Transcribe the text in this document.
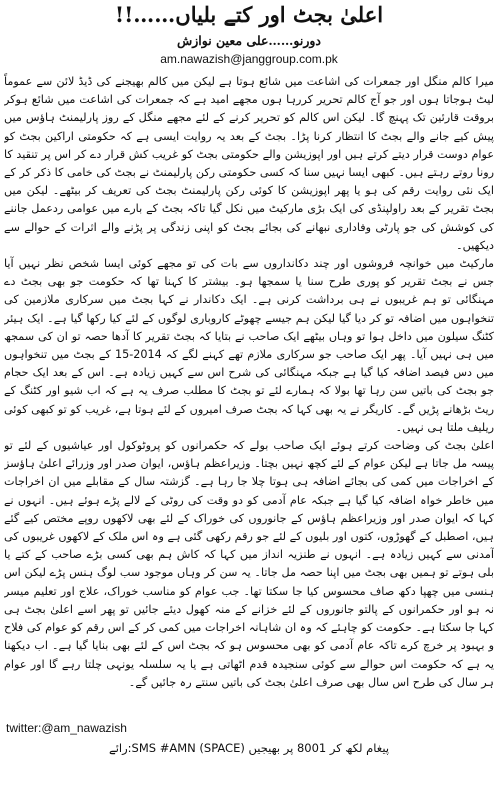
اعلیٰ بجٹ اور کتے بلیاں……!!
دورنو……علی معین نوازش
am.nawazish@janggroup.com.pk

میرا کالم منگل اور جمعرات کی اشاعت میں شائع ہوتا ہے لیکن میں کالم بھیجنے کی ڈیڈ لائن سے عموماً لیٹ ہوجاتا ہوں اور جو آج کالم تحریر کررہا ہوں مجھے امید ہے کہ جمعرات کی اشاعت میں شائع ہوکر بروقت قارئین تک پہنچ گا۔ لیکن اس کالم کو تحریر کرنے کے لئے مجھے منگل کے روز پارلیمنٹ ہاؤس میں پیش کیے جانے والے بجٹ کا انتظار کرنا پڑا۔ بجٹ کے بعد یہ روایت ایسی ہے کہ حکومتی اراکین بجٹ کو عوام دوست قرار دیتے کرتے ہیں اور اپوزیشن والے حکومتی بجٹ کو غریب کش قرار دے کر اس پر تنقید کا رونا روتے رہتے ہیں۔ کبھی ایسا نہیں سنا کہ کسی حکومتی رکن پارلیمنٹ نے بجٹ کی خامی کا ذکر کر کے ایک نئی روایت رقم کی ہو یا پھر اپوزیشن کا کوئی رکن پارلیمنٹ بجٹ کی تعریف کر بیٹھے۔ لیکن میں بجٹ تقریر کے بعد راولپنڈی کی ایک بڑی مارکیٹ میں نکل گیا تاکہ بجٹ کے بارے میں عوامی ردعمل جاننے کی کوشش کی جو پارٹی وفاداری نبھانے کی بجائے بجٹ کو اپنی زندگی پر پڑنے والے اثرات کے حوالے سے دیکھیں۔

مارکیٹ میں خوانچہ فروشوں اور چند دکانداروں سے بات کی تو مجھے کوئی ایسا شخص نظر نہیں آیا جس نے بجٹ تقریر کو پوری طرح سنا یا سمجھا ہو۔ بیشتر کا کہنا تھا کہ حکومت جو بھی بجٹ دے مہنگائی تو ہم غریبوں نے ہی برداشت کرنی ہے۔ ایک دکاندار نے کہا بجٹ میں سرکاری ملازمین کی تنخواہوں میں اضافہ تو کر دیا گیا لیکن ہم جیسے چھوٹے کاروباری لوگوں کے لئے کیا رکھا گیا ہے۔ ایک ہیئر کٹنگ سیلون میں داخل ہوا تو وہاں بیٹھے ایک صاحب نے بتایا کہ بجٹ تقریر کا آدھا حصہ تو ان کی سمجھ میں ہی نہیں آیا۔ پھر ایک صاحب جو سرکاری ملازم تھے کہنے لگے کہ 2014-15 کے بجٹ میں تنخواہوں میں دس فیصد اضافہ کیا گیا ہے جبکہ مہنگائی کی شرح اس سے کہیں زیادہ ہے۔ اس کے بعد ایک حجام جو بجٹ کی باتیں سن رہا تھا بولا کہ ہمارے لئے تو بجٹ کا مطلب صرف یہ ہے کہ اب شیو اور کٹنگ کے ریٹ بڑھانے پڑیں گے۔ کاریگر نے یہ بھی کہا کہ بجٹ صرف امیروں کے لئے ہوتا ہے، غریب کو تو کبھی کوئی ریلیف ملتا ہی نہیں۔

اعلیٰ بجٹ کی وضاحت کرتے ہوئے ایک صاحب بولے کہ حکمرانوں کو پروٹوکول اور عیاشیوں کے لئے تو پیسہ مل جاتا ہے لیکن عوام کے لئے کچھ نہیں بچتا۔ وزیراعظم ہاؤس، ایوان صدر اور وزرائے اعلیٰ ہاؤسز کے اخراجات میں کمی کی بجائے اضافہ ہی ہوتا چلا جا رہا ہے۔ گزشتہ سال کے مقابلے میں ان اخراجات میں خاطر خواہ اضافہ کیا گیا ہے جبکہ عام آدمی کو دو وقت کی روٹی کے لالے پڑے ہوئے ہیں۔ انہوں نے کہا کہ ایوان صدر اور وزیراعظم ہاؤس کے جانوروں کی خوراک کے لئے بھی لاکھوں روپے مختص کیے گئے ہیں، اصطبل کے گھوڑوں، کتوں اور بلیوں کے لئے جو رقم رکھی گئی ہے وہ اس ملک کے لاکھوں غریبوں کی آمدنی سے کہیں زیادہ ہے۔ انہوں نے طنزیہ انداز میں کہا کہ کاش ہم بھی کسی بڑے صاحب کے کتے یا بلی ہوتے تو ہمیں بھی بجٹ میں اپنا حصہ مل جاتا۔ یہ سن کر وہاں موجود سب لوگ ہنس پڑے لیکن اس ہنسی میں چھپا دکھ صاف محسوس کیا جا سکتا تھا۔ جب عوام کو مناسب خوراک، علاج اور تعلیم میسر نہ ہو اور حکمرانوں کے پالتو جانوروں کے لئے خزانے کے منہ کھول دیئے جائیں تو پھر اسے اعلیٰ بجٹ ہی کہا جا سکتا ہے۔ حکومت کو چاہئے کہ وہ ان شاہانہ اخراجات میں کمی کر کے اس رقم کو عوام کی فلاح و بہبود پر خرچ کرے تاکہ عام آدمی کو بھی محسوس ہو کہ بجٹ اس کے لئے بھی بنایا گیا ہے۔ اب دیکھنا یہ ہے کہ حکومت اس حوالے سے کوئی سنجیدہ قدم اٹھاتی ہے یا یہ سلسلہ یونہی چلتا رہے گا اور عوام ہر سال کی طرح اس سال بھی صرف اعلیٰ بجٹ کی باتیں سنتے رہ جائیں گے۔

twitter:@am_nawazish
SMS:رائے #AMN (SPACE) پیغام لکھ کر 8001 پر بھیجیں
